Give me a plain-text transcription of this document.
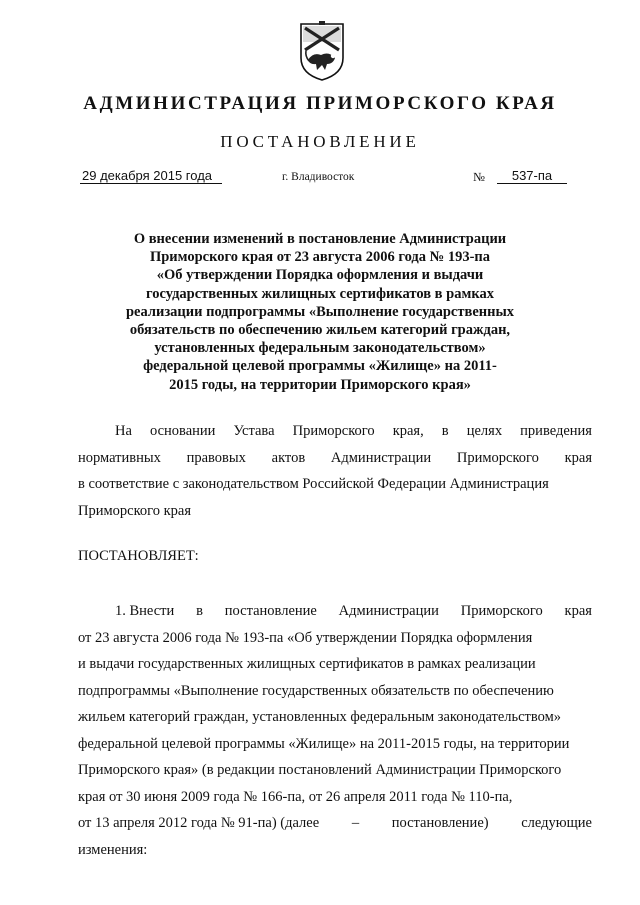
АДМИНИСТРАЦИЯ ПРИМОРСКОГО КРАЯ
ПОСТАНОВЛЕНИЕ
29 декабря 2015 года	г. Владивосток	№	537-па
О внесении изменений в постановление Администрации
Приморского края от 23 августа 2006 года № 193-па
«Об утверждении Порядка оформления и выдачи
государственных жилищных сертификатов в рамках
реализации подпрограммы «Выполнение государственных
обязательств по обеспечению жильем категорий граждан,
установленных федеральным законодательством»
федеральной целевой программы «Жилище» на 2011-
2015 годы, на территории Приморского края»
На основании Устава Приморского края, в целях приведения
нормативных правовых актов Администрации Приморского края
в соответствие с законодательством Российской Федерации Администрация
Приморского края
ПОСТАНОВЛЯЕТ:
1. Внести в постановление Администрации Приморского края
от 23 августа 2006 года № 193-па «Об утверждении Порядка оформления
и выдачи государственных жилищных сертификатов в рамках реализации
подпрограммы «Выполнение государственных обязательств по обеспечению
жильем категорий граждан, установленных федеральным законодательством»
федеральной целевой программы «Жилище» на 2011-2015 годы, на территории
Приморского края» (в редакции постановлений Администрации Приморского
края от 30 июня 2009 года № 166-па, от 26 апреля 2011 года № 110-па,
от 13 апреля 2012 года № 91-па) (далее – постановление) следующие
изменения:
